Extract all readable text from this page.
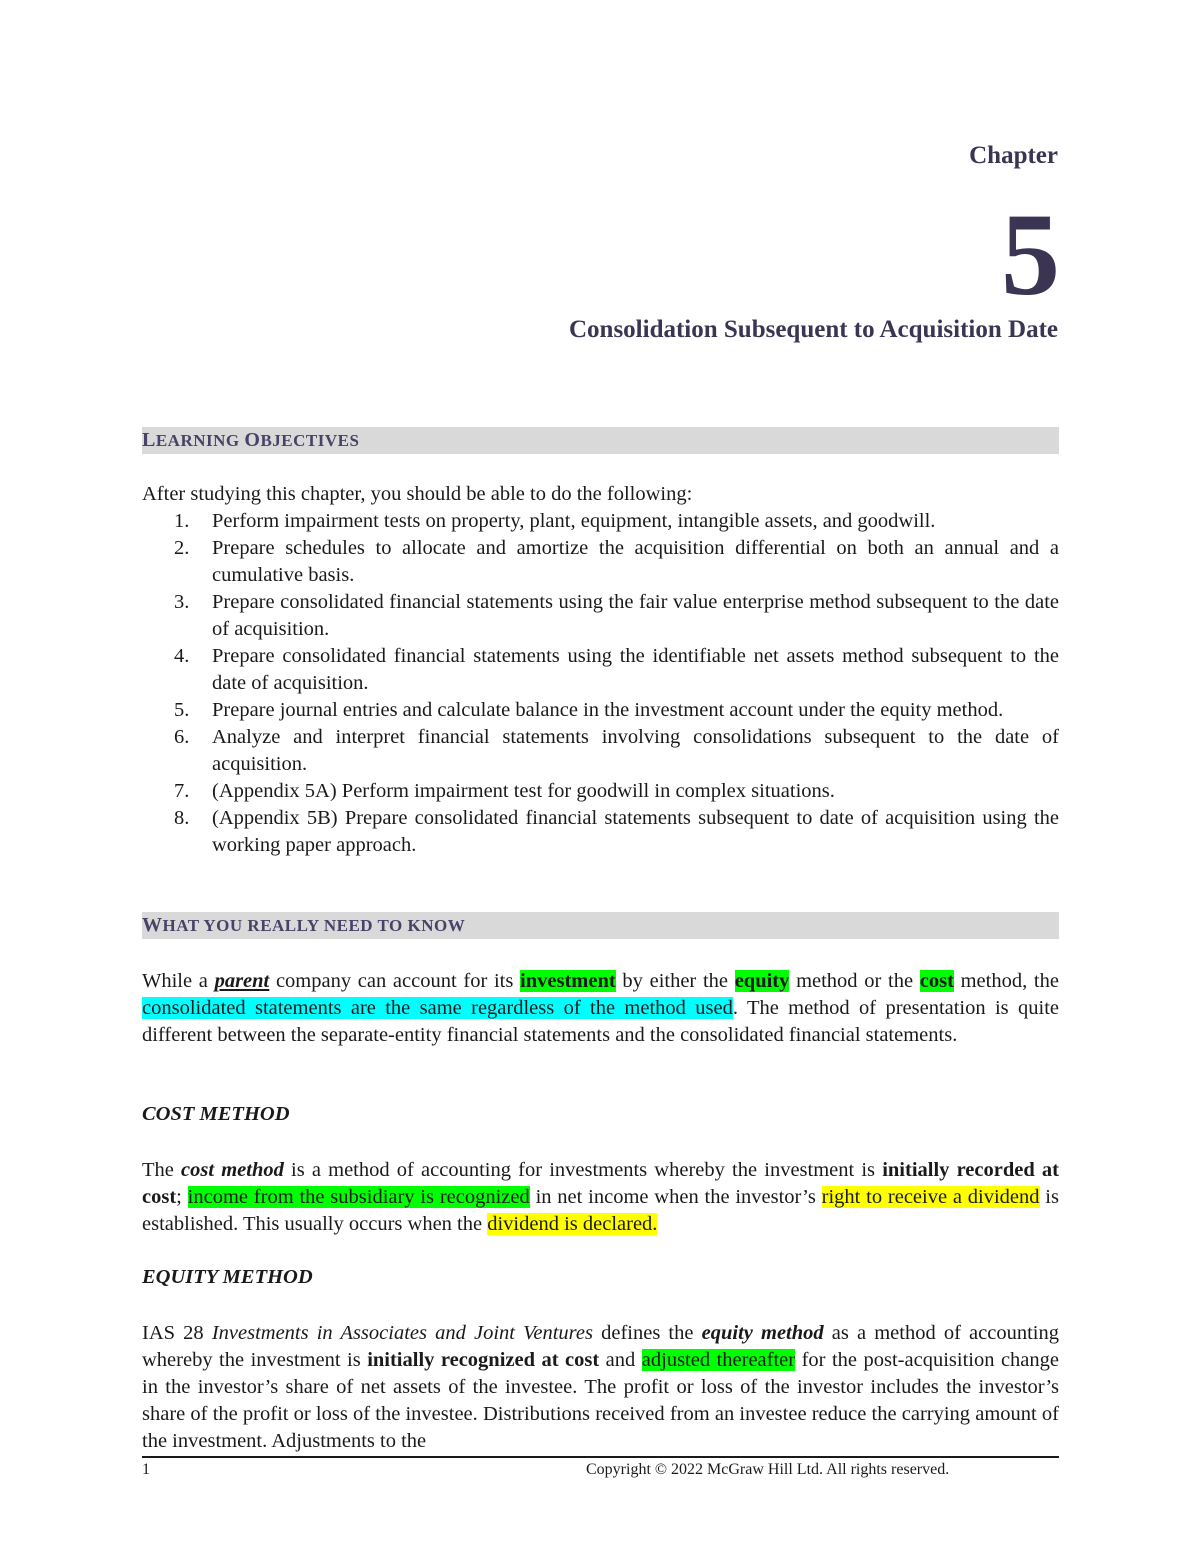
Chapter
5
Consolidation Subsequent to Acquisition Date
LEARNING OBJECTIVES
After studying this chapter, you should be able to do the following:
1. Perform impairment tests on property, plant, equipment, intangible assets, and goodwill.
2. Prepare schedules to allocate and amortize the acquisition differential on both an annual and a cumulative basis.
3. Prepare consolidated financial statements using the fair value enterprise method subsequent to the date of acquisition.
4. Prepare consolidated financial statements using the identifiable net assets method subsequent to the date of acquisition.
5. Prepare journal entries and calculate balance in the investment account under the equity method.
6. Analyze and interpret financial statements involving consolidations subsequent to the date of acquisition.
7. (Appendix 5A) Perform impairment test for goodwill in complex situations.
8. (Appendix 5B) Prepare consolidated financial statements subsequent to date of acquisition using the working paper approach.
WHAT YOU REALLY NEED TO KNOW
While a parent company can account for its investment by either the equity method or the cost method, the consolidated statements are the same regardless of the method used. The method of presentation is quite different between the separate-entity financial statements and the consolidated financial statements.
COST METHOD
The cost method is a method of accounting for investments whereby the investment is initially recorded at cost; income from the subsidiary is recognized in net income when the investor’s right to receive a dividend is established. This usually occurs when the dividend is declared.
EQUITY METHOD
IAS 28 Investments in Associates and Joint Ventures defines the equity method as a method of accounting whereby the investment is initially recognized at cost and adjusted thereafter for the post-acquisition change in the investor’s share of net assets of the investee. The profit or loss of the investor includes the investor’s share of the profit or loss of the investee. Distributions received from an investee reduce the carrying amount of the investment. Adjustments to the
1	Copyright © 2022 McGraw Hill Ltd. All rights reserved.
